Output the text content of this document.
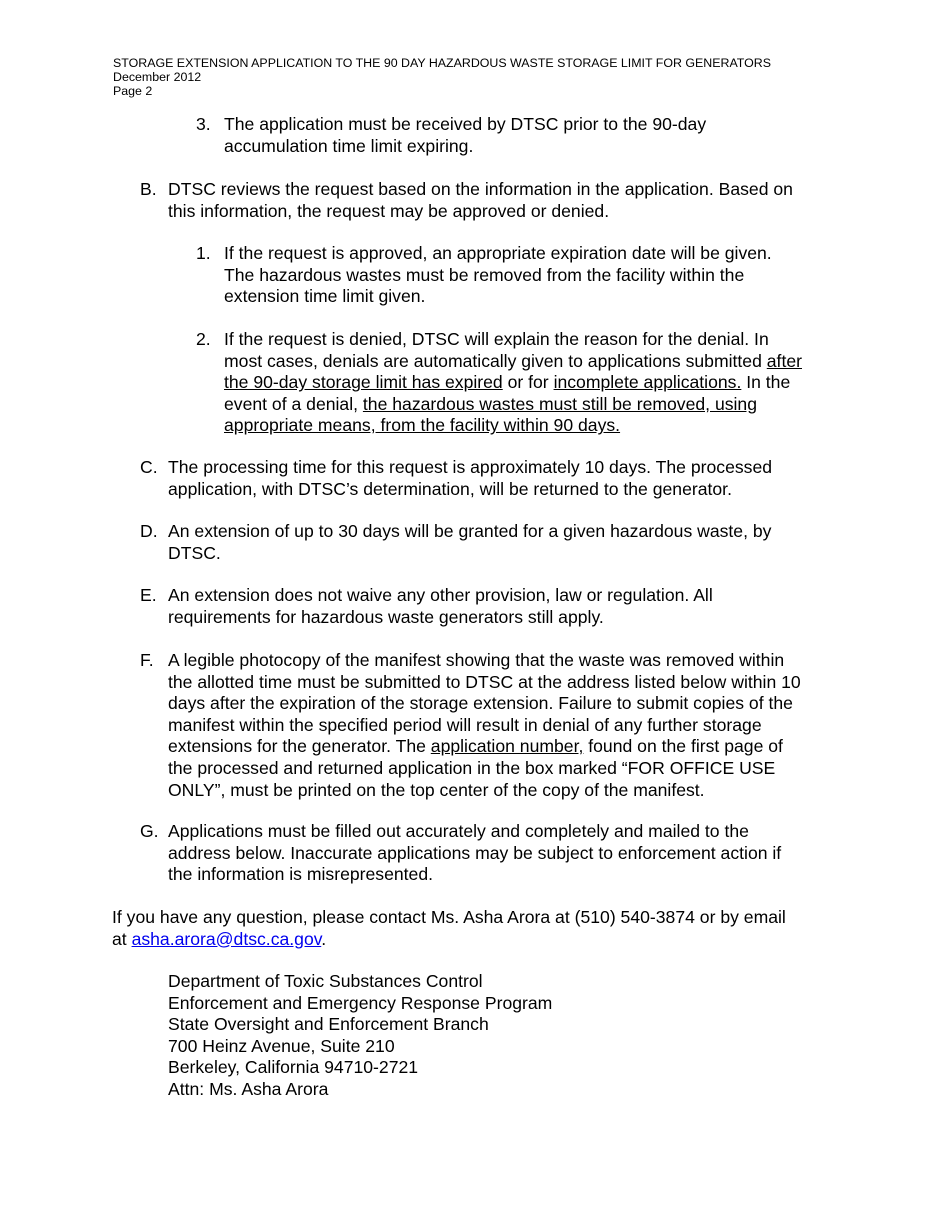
STORAGE EXTENSION APPLICATION TO THE 90 DAY HAZARDOUS WASTE STORAGE LIMIT FOR GENERATORS
December 2012
Page 2
3. The application must be received by DTSC prior to the 90-day
accumulation time limit expiring.
B. DTSC reviews the request based on the information in the application. Based on
this information, the request may be approved or denied.
1. If the request is approved, an appropriate expiration date will be given.
The hazardous wastes must be removed from the facility within the
extension time limit given.
2. If the request is denied, DTSC will explain the reason for the denial. In
most cases, denials are automatically given to applications submitted after
the 90-day storage limit has expired or for incomplete applications. In the
event of a denial, the hazardous wastes must still be removed, using
appropriate means, from the facility within 90 days.
C. The processing time for this request is approximately 10 days. The processed
application, with DTSC’s determination, will be returned to the generator.
D. An extension of up to 30 days will be granted for a given hazardous waste, by
DTSC.
E. An extension does not waive any other provision, law or regulation. All
requirements for hazardous waste generators still apply.
F. A legible photocopy of the manifest showing that the waste was removed within
the allotted time must be submitted to DTSC at the address listed below within 10
days after the expiration of the storage extension. Failure to submit copies of the
manifest within the specified period will result in denial of any further storage
extensions for the generator. The application number, found on the first page of
the processed and returned application in the box marked “FOR OFFICE USE
ONLY”, must be printed on the top center of the copy of the manifest.
G. Applications must be filled out accurately and completely and mailed to the
address below. Inaccurate applications may be subject to enforcement action if
the information is misrepresented.
If you have any question, please contact Ms. Asha Arora at (510) 540-3874 or by email
at asha.arora@dtsc.ca.gov.
Department of Toxic Substances Control
Enforcement and Emergency Response Program
State Oversight and Enforcement Branch
700 Heinz Avenue, Suite 210
Berkeley, California 94710-2721
Attn: Ms. Asha Arora
